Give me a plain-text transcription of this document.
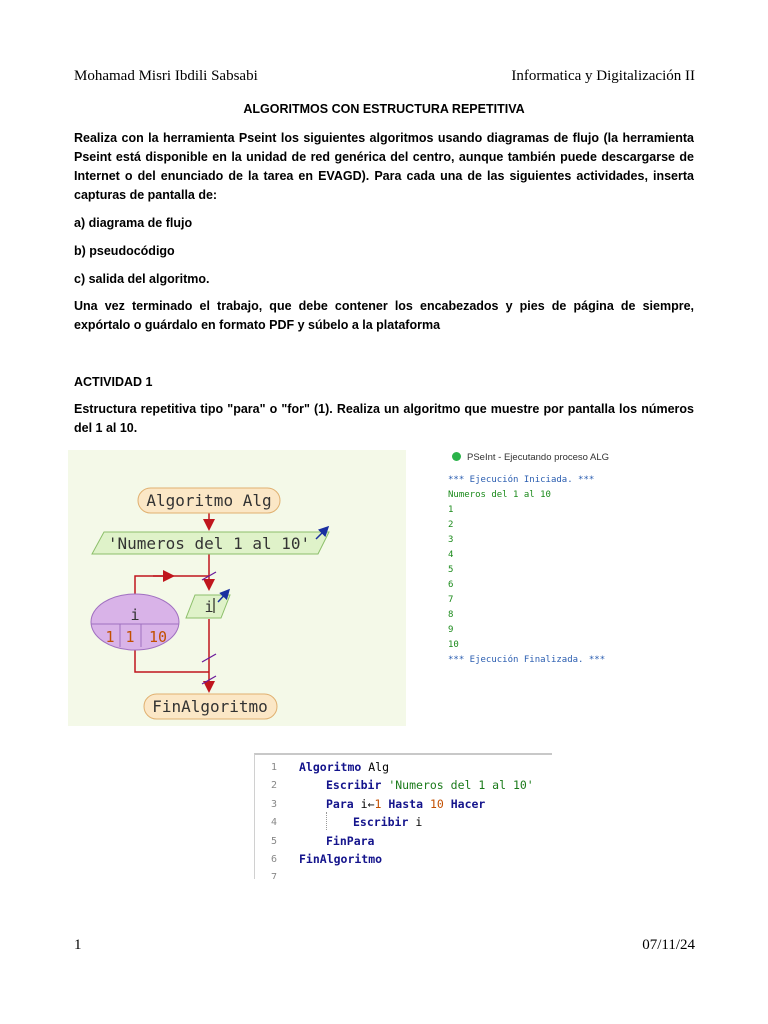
Mohamad Misri Ibdili Sabsabi	Informatica y Digitalización II
ALGORITMOS CON ESTRUCTURA REPETITIVA
Realiza con la herramienta Pseint los siguientes algoritmos usando diagramas de flujo (la herramienta Pseint está disponible en la unidad de red genérica del centro, aunque también puede descargarse de Internet o del enunciado de la tarea en EVAGD). Para cada una de las siguientes actividades, inserta capturas de pantalla de:
a) diagrama de flujo
b) pseudocódigo
c) salida del algoritmo.
Una vez terminado el trabajo, que debe contener los encabezados y pies de página de siempre, expórtalo o guárdalo en formato PDF y súbelo a la plataforma
ACTIVIDAD 1
Estructura repetitiva tipo "para" o "for" (1). Realiza un algoritmo que muestre por pantalla los números del 1 al 10.
Algoritmo Alg
'Numeros del 1 al 10'
i
1 1 10
i
FinAlgoritmo
PSeInt - Ejecutando proceso ALG
*** Ejecución Iniciada. ***
Numeros del 1 al 10
1
2
3
4
5
6
7
8
9
10
*** Ejecución Finalizada. ***
1 Algoritmo Alg
2	Escribir 'Numeros del 1 al 10'
3	Para i←1 Hasta 10 Hacer
4	Escribir i
5	FinPara
6 FinAlgoritmo
7
1	07/11/24
